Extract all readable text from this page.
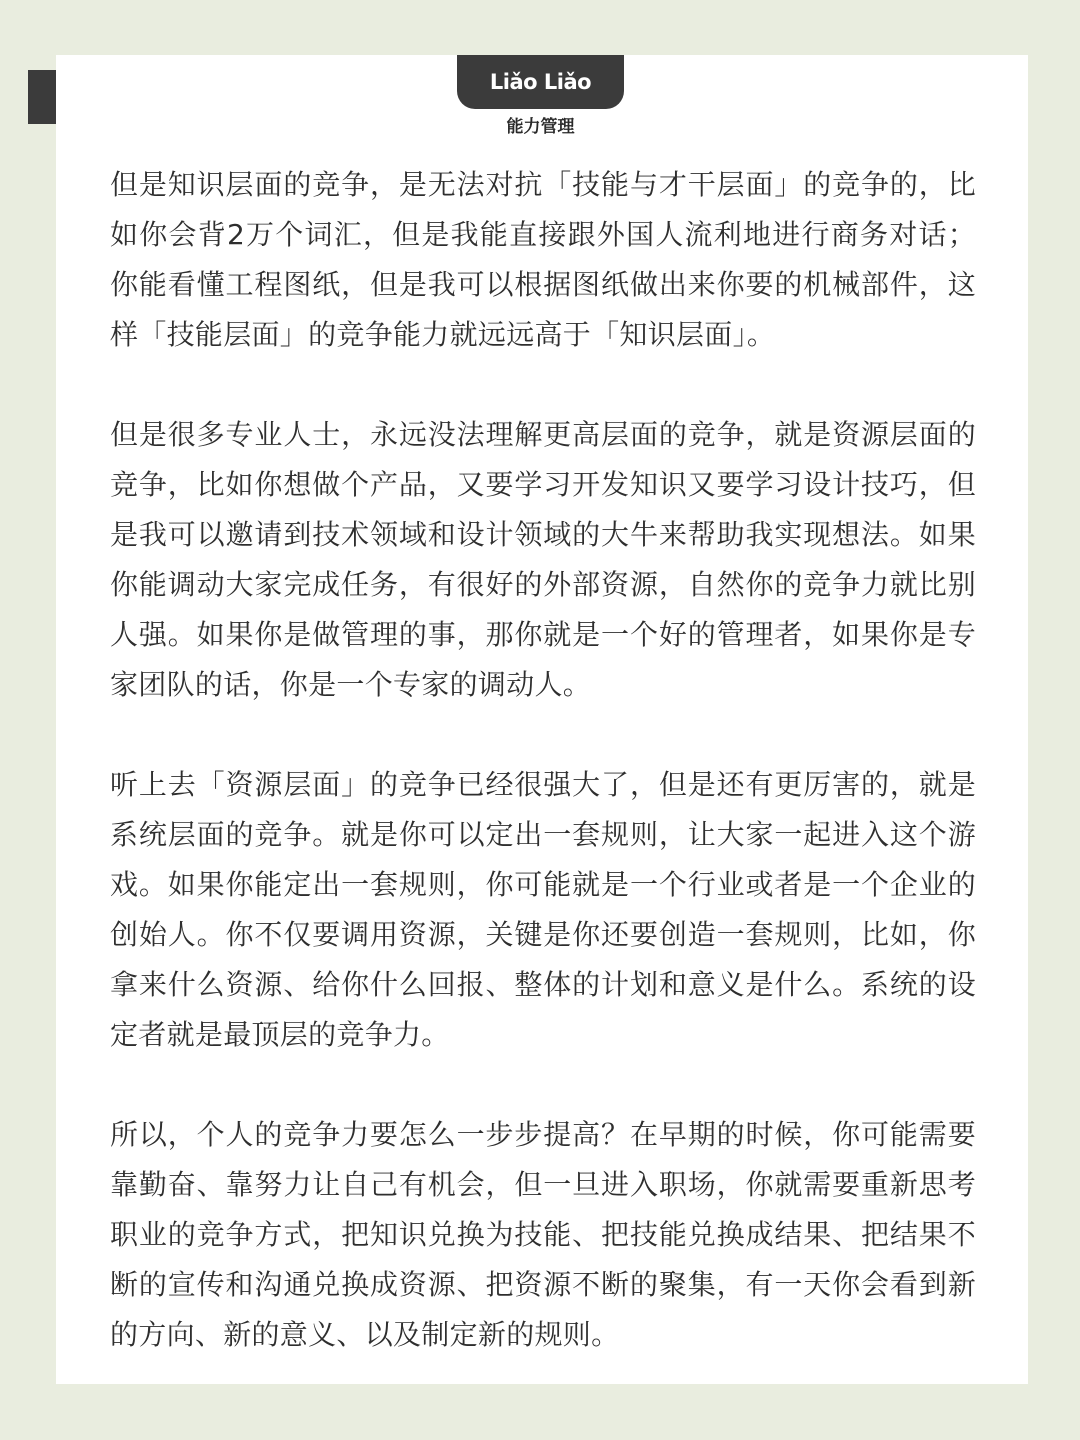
Liǎo Liǎo
能力管理

但是知识层面的竞争，是无法对抗「技能与才干层面」的竞争的，比如你会背2万个词汇，但是我能直接跟外国人流利地进行商务对话；你能看懂工程图纸，但是我可以根据图纸做出来你要的机械部件，这样「技能层面」的竞争能力就远远高于「知识层面」。

但是很多专业人士，永远没法理解更高层面的竞争，就是资源层面的竞争，比如你想做个产品，又要学习开发知识又要学习设计技巧，但是我可以邀请到技术领域和设计领域的大牛来帮助我实现想法。如果你能调动大家完成任务，有很好的外部资源，自然你的竞争力就比别人强。如果你是做管理的事，那你就是一个好的管理者，如果你是专家团队的话，你是一个专家的调动人。

听上去「资源层面」的竞争已经很强大了，但是还有更厉害的，就是系统层面的竞争。就是你可以定出一套规则，让大家一起进入这个游戏。如果你能定出一套规则，你可能就是一个行业或者是一个企业的创始人。你不仅要调用资源，关键是你还要创造一套规则，比如，你拿来什么资源、给你什么回报、整体的计划和意义是什么。系统的设定者就是最顶层的竞争力。

所以，个人的竞争力要怎么一步步提高？在早期的时候，你可能需要靠勤奋、靠努力让自己有机会，但一旦进入职场，你就需要重新思考职业的竞争方式，把知识兑换为技能、把技能兑换成结果、把结果不断的宣传和沟通兑换成资源、把资源不断的聚集，有一天你会看到新的方向、新的意义、以及制定新的规则。
